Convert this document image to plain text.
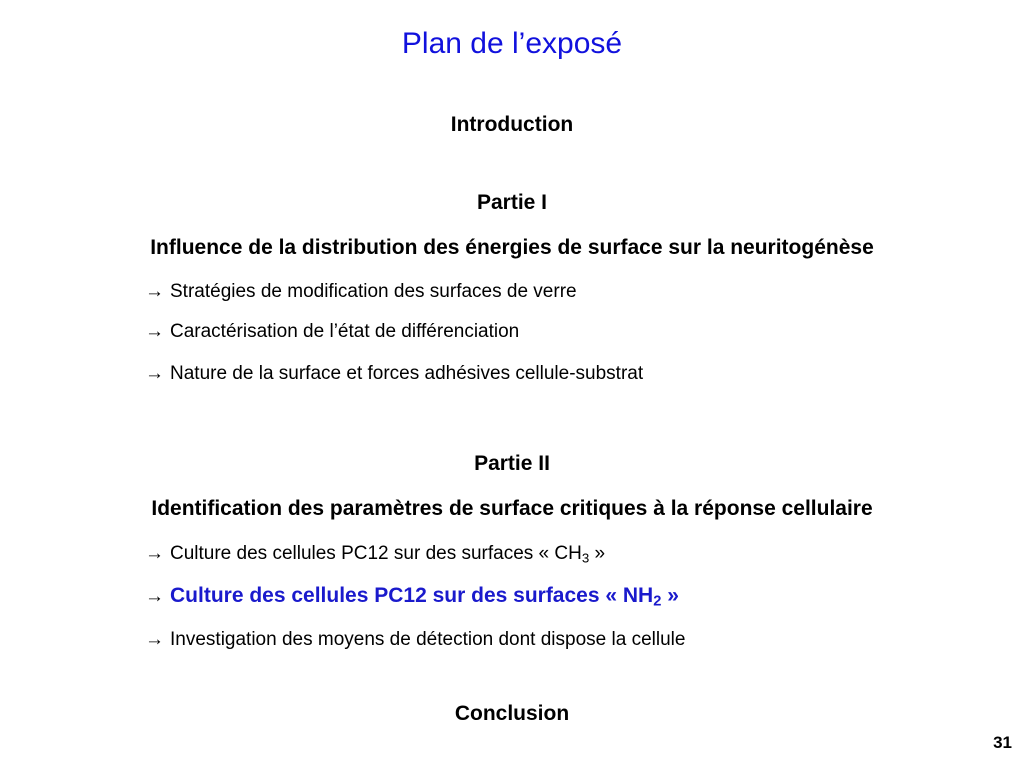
Plan de l’exposé
Introduction
Partie I
Influence de la distribution des énergies de surface sur la neuritogénèse
→ Stratégies de modification des surfaces de verre
→ Caractérisation de l’état de différenciation
→ Nature de la surface et forces adhésives cellule-substrat
Partie II
Identification des paramètres de surface critiques à la réponse cellulaire
→ Culture des cellules PC12 sur des surfaces « $CH_3$ »
→ Culture des cellules PC12 sur des surfaces « $NH_2$ »
→ Investigation des moyens de détection dont dispose la cellule
Conclusion
31
